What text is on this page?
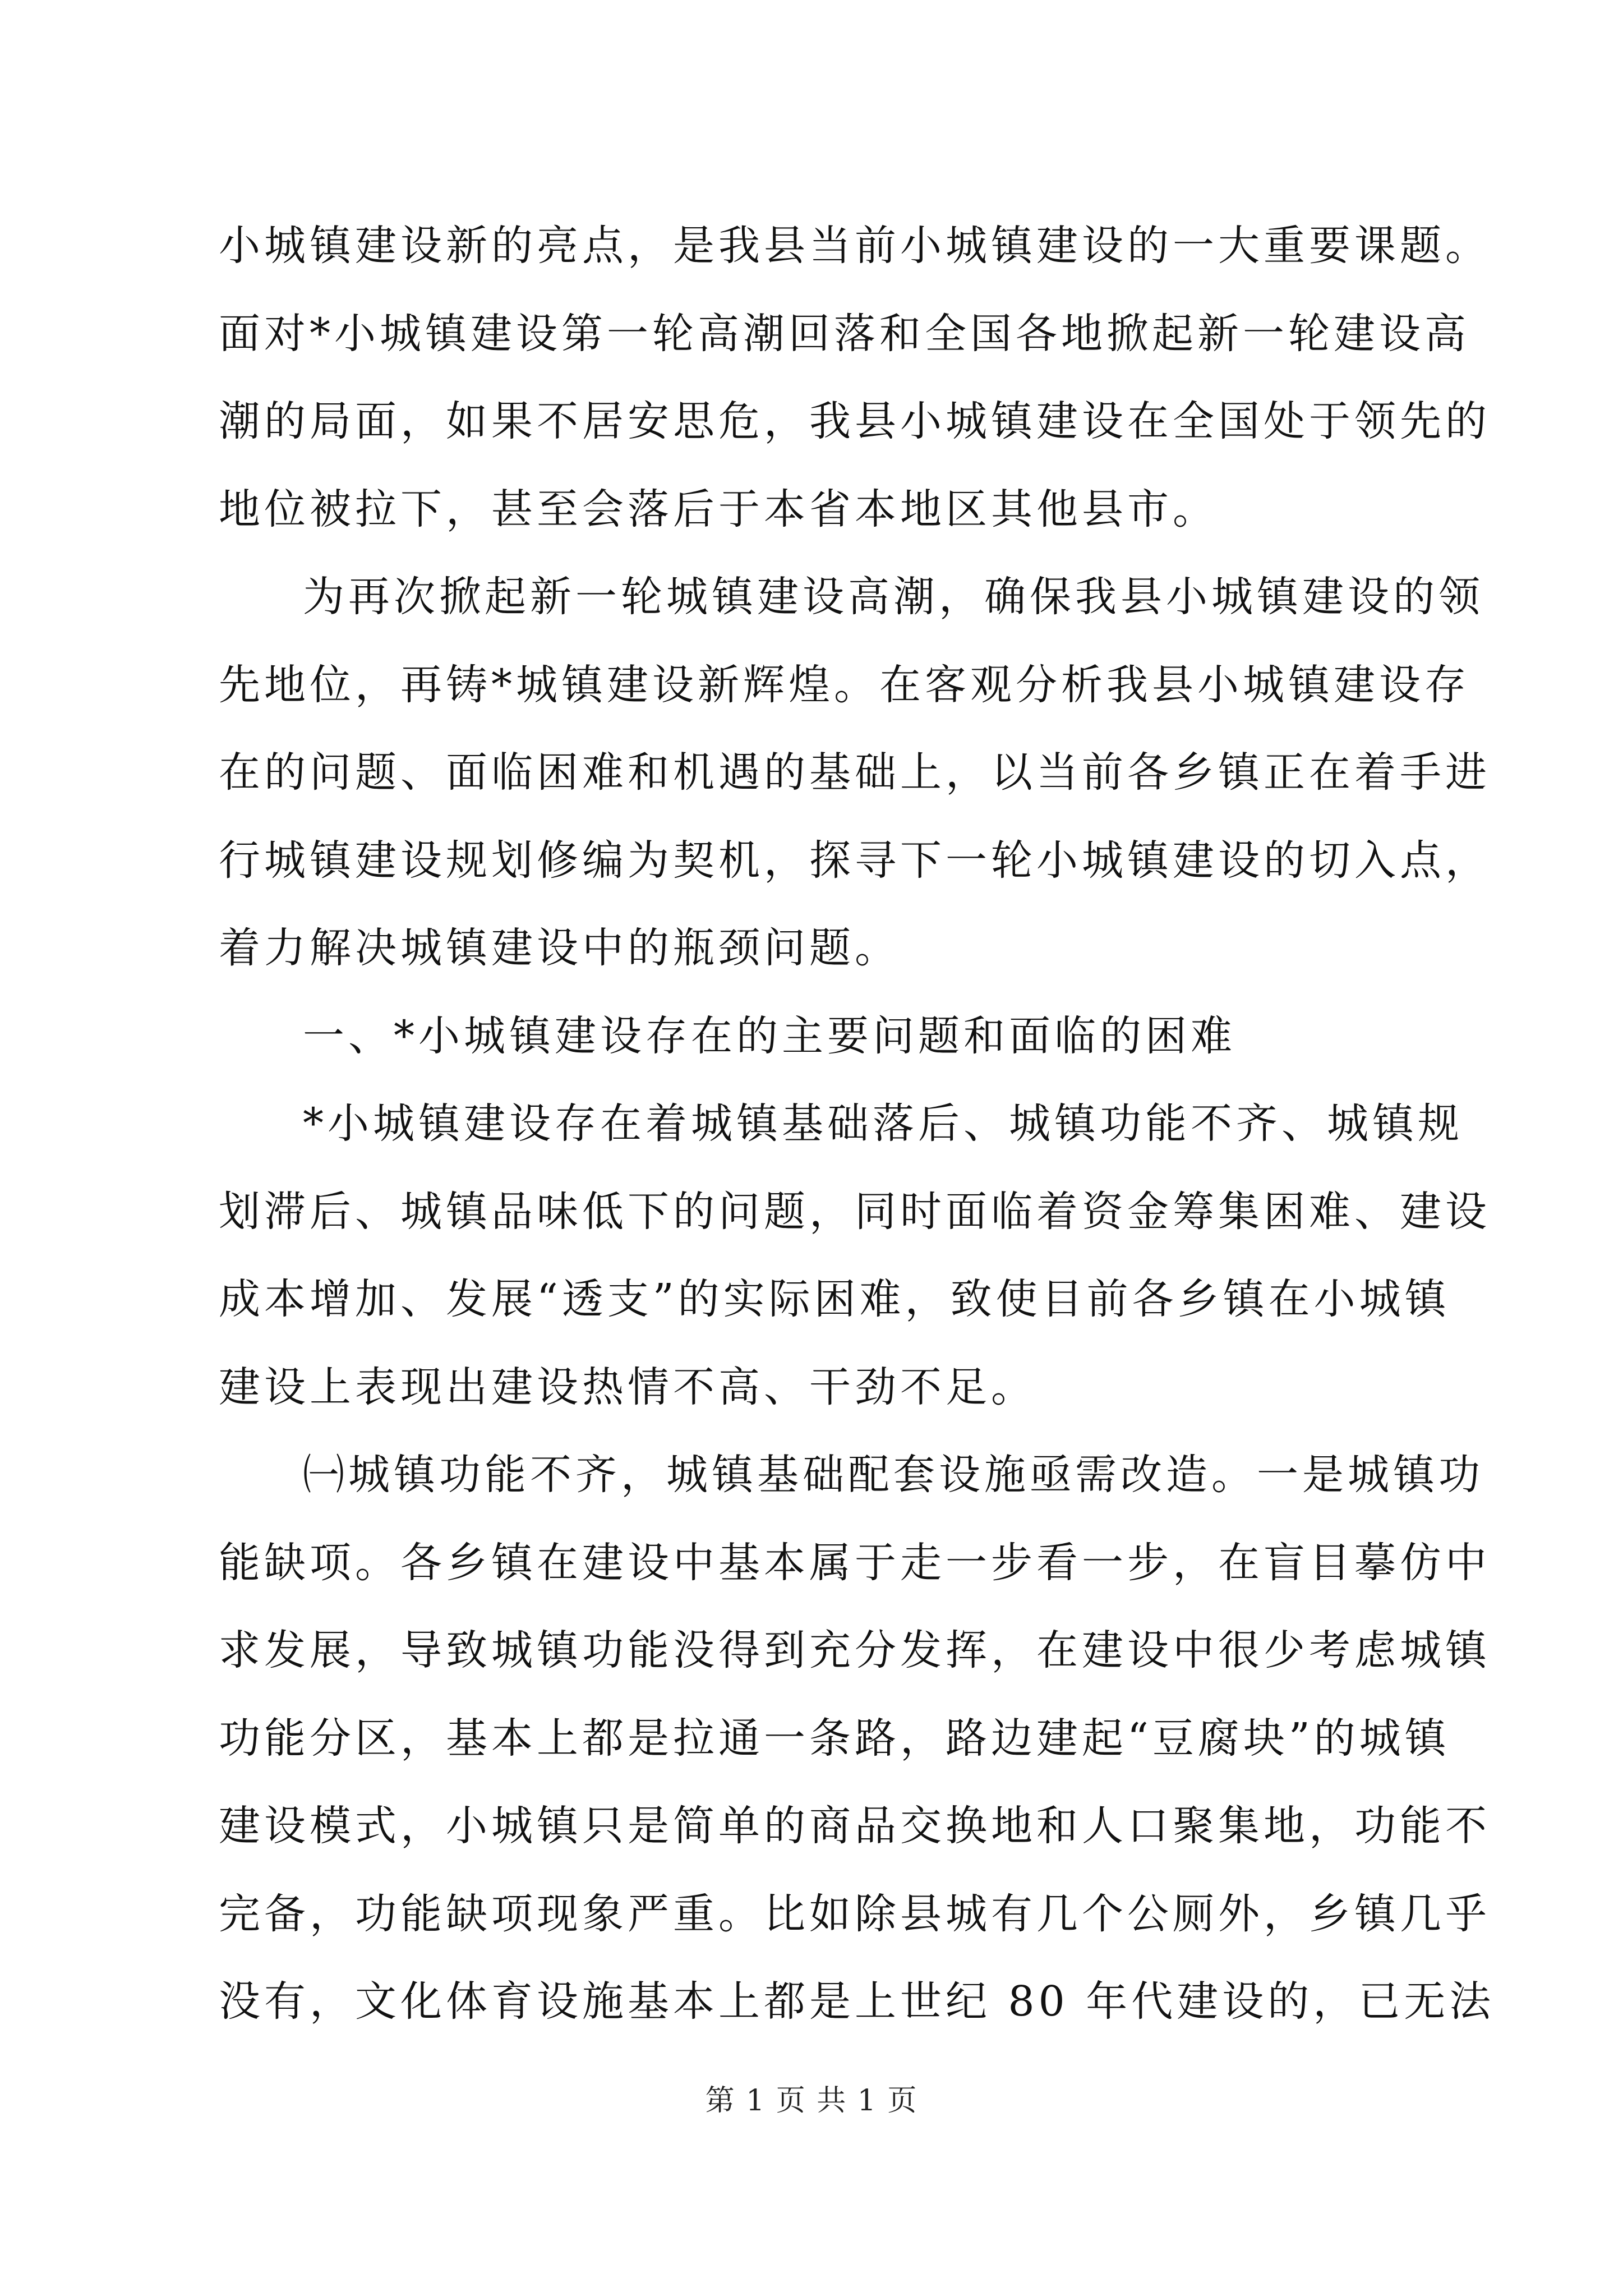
小城镇建设新的亮点，是我县当前小城镇建设的一大重要课题。
面对*小城镇建设第一轮高潮回落和全国各地掀起新一轮建设高
潮的局面，如果不居安思危，我县小城镇建设在全国处于领先的
地位被拉下，甚至会落后于本省本地区其他县市。
为再次掀起新一轮城镇建设高潮，确保我县小城镇建设的领
先地位，再铸*城镇建设新辉煌。在客观分析我县小城镇建设存
在的问题、面临困难和机遇的基础上，以当前各乡镇正在着手进
行城镇建设规划修编为契机，探寻下一轮小城镇建设的切入点，
着力解决城镇建设中的瓶颈问题。
一、*小城镇建设存在的主要问题和面临的困难
*小城镇建设存在着城镇基础落后、城镇功能不齐、城镇规
划滞后、城镇品味低下的问题，同时面临着资金筹集困难、建设
成本增加、发展“透支”的实际困难，致使目前各乡镇在小城镇
建设上表现出建设热情不高、干劲不足。
㈠城镇功能不齐，城镇基础配套设施亟需改造。一是城镇功
能缺项。各乡镇在建设中基本属于走一步看一步，在盲目摹仿中
求发展，导致城镇功能没得到充分发挥，在建设中很少考虑城镇
功能分区，基本上都是拉通一条路，路边建起“豆腐块”的城镇
建设模式，小城镇只是简单的商品交换地和人口聚集地，功能不
完备，功能缺项现象严重。比如除县城有几个公厕外，乡镇几乎
没有，文化体育设施基本上都是上世纪 80 年代建设的，已无法
第 1 页 共 1 页
